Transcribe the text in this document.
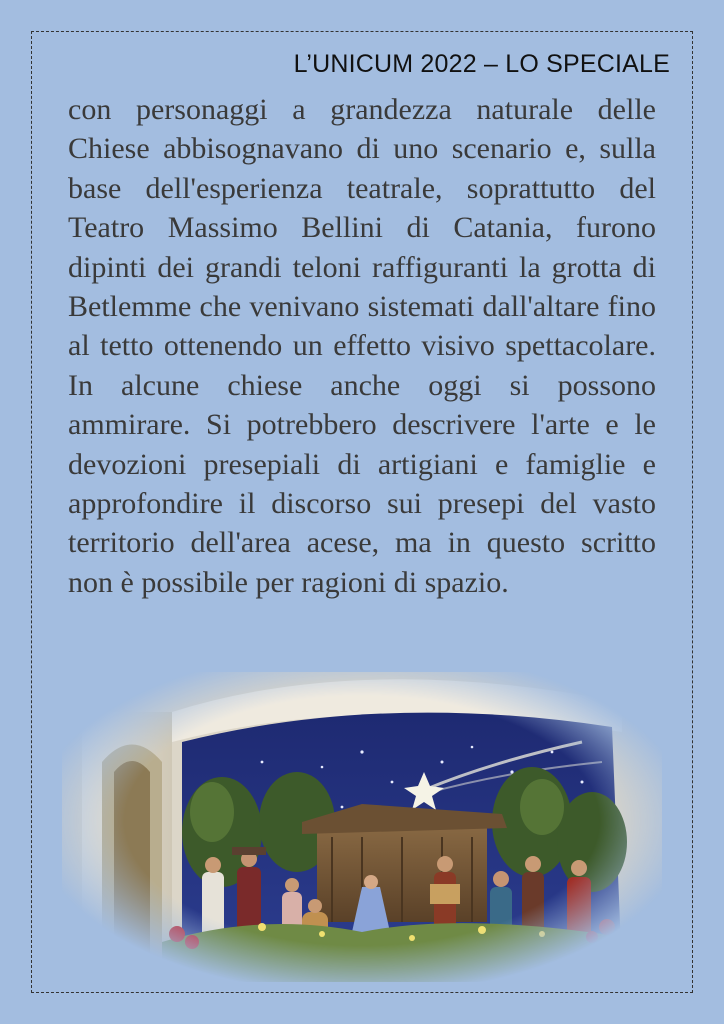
L’UNICUM 2022 – LO SPECIALE

con personaggi a grandezza naturale delle Chiese abbisognavano di uno scenario e, sulla base dell'esperienza teatrale, soprattutto del Teatro Massimo Bellini di Catania, furono dipinti dei grandi teloni raffiguranti la grotta di Betlemme che venivano sistemati dall'altare fino al tetto ottenendo un effetto visivo spettacolare. In alcune chiese anche oggi si possono ammirare. Si potrebbero descrivere l'arte e le devozioni presepiali di artigiani e famiglie e approfondire il discorso sui presepi del vasto territorio dell'area acese, ma in questo scritto non è possibile per ragioni di spazio.
